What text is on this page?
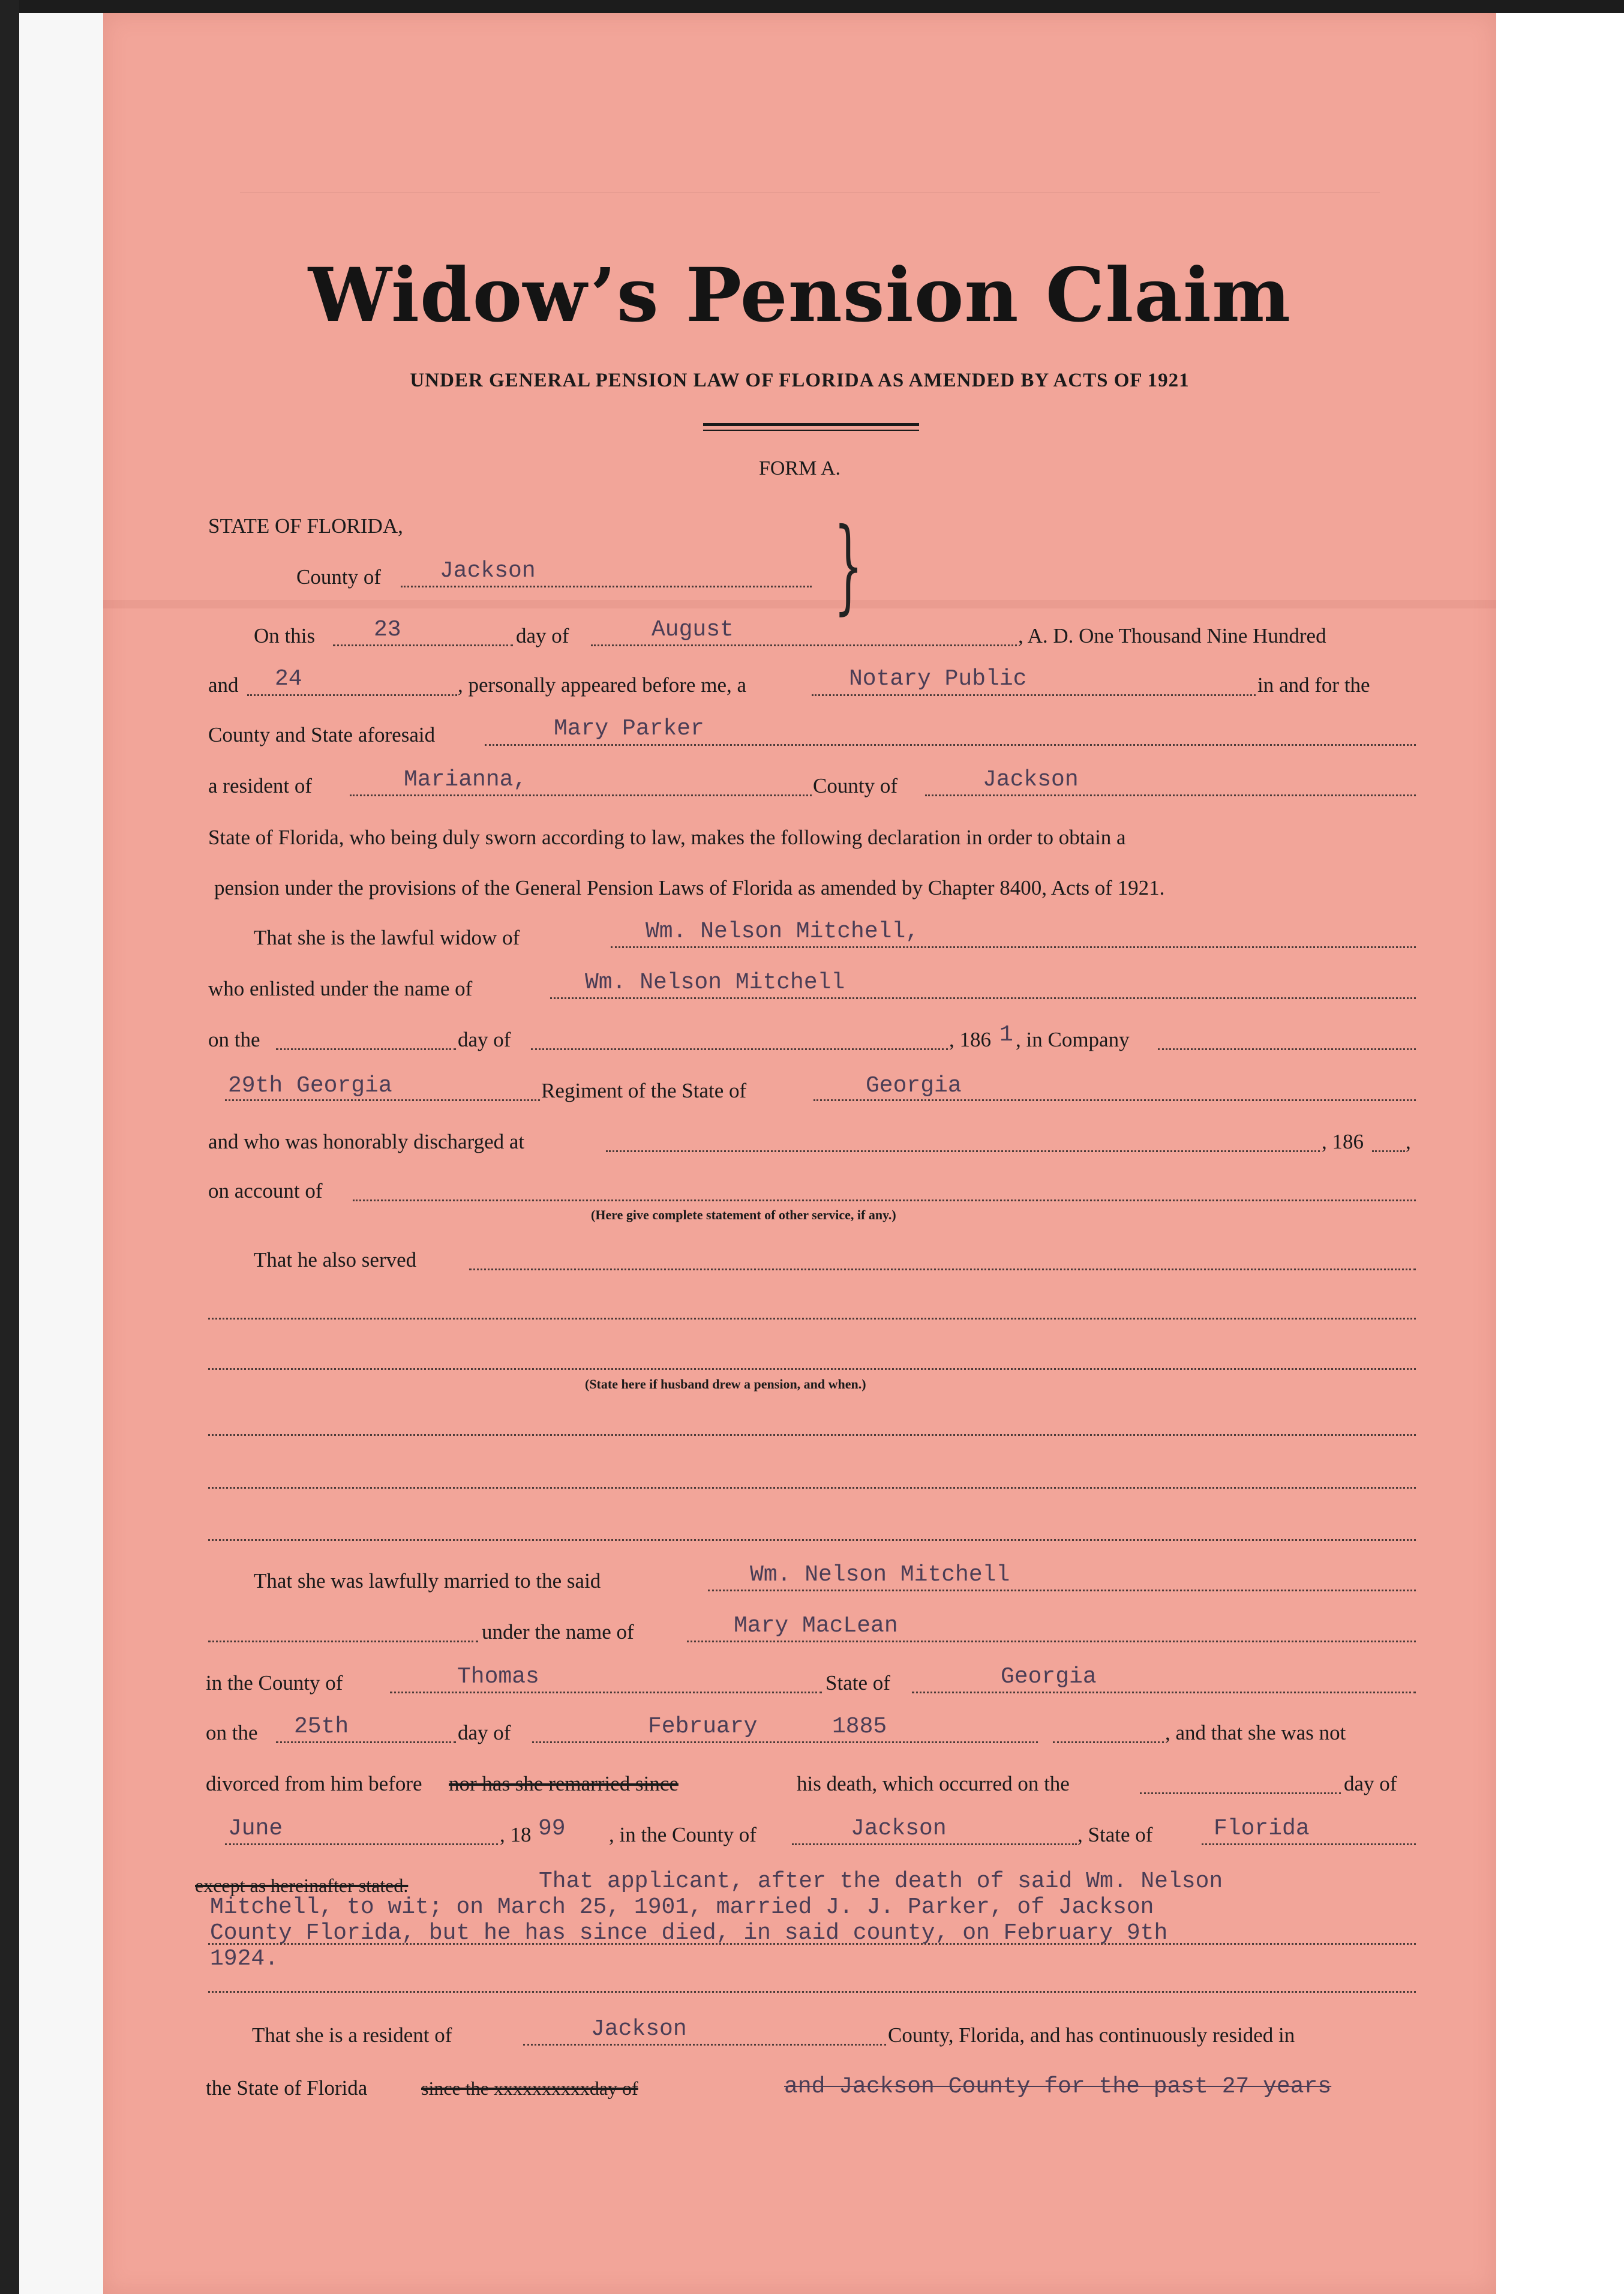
Widow’s Pension Claim
UNDER GENERAL PENSION LAW OF FLORIDA AS AMENDED BY ACTS OF 1921
FORM A.
STATE OF FLORIDA,
County of	Jackson	}
On this	23	day of	August	, A. D. One Thousand Nine Hundred
and 24	, personally appeared before me, a	Notary Public	in and for the
County and State aforesaid	Mary Parker
a resident of	Marianna,	County of	Jackson
State of Florida, who being duly sworn according to law, makes the following declaration in order to obtain a
pension under the provisions of the General Pension Laws of Florida as amended by Chapter 8400, Acts of 1921.
That she is the lawful widow of	Wm. Nelson Mitchell,
who enlisted under the name of	Wm. Nelson Mitchell
on the	day of	, 186 1 , in Company
29th Georgia	Regiment of the State of	Georgia
and who was honorably discharged at	, 186 ,
on account of
(Here give complete statement of other service, if any.)
That he also served
(State here if husband drew a pension, and when.)
That she was lawfully married to the said	Wm. Nelson Mitchell
under the name of	Mary MacLean
in the County of	Thomas	State of	Georgia
on the 25th	day of	February	1885	, and that she was not
divorced from him before nor has she remarried since	his death, which occurred on the	day of
June	, 18 99 , in the County of	Jackson	, State of	Florida
except as hereinafter stated.	That applicant, after the death of said Wm. Nelson
Mitchell, to wit; on March 25, 1901, married J. J. Parker, of Jackson
County Florida, but he has since died, in said county, on February 9th
1924.
That she is a resident of	Jackson	County, Florida, and has continuously resided in
the State of Florida	since the xxxxxxxxxxday of	and Jackson County for the past 27 years
